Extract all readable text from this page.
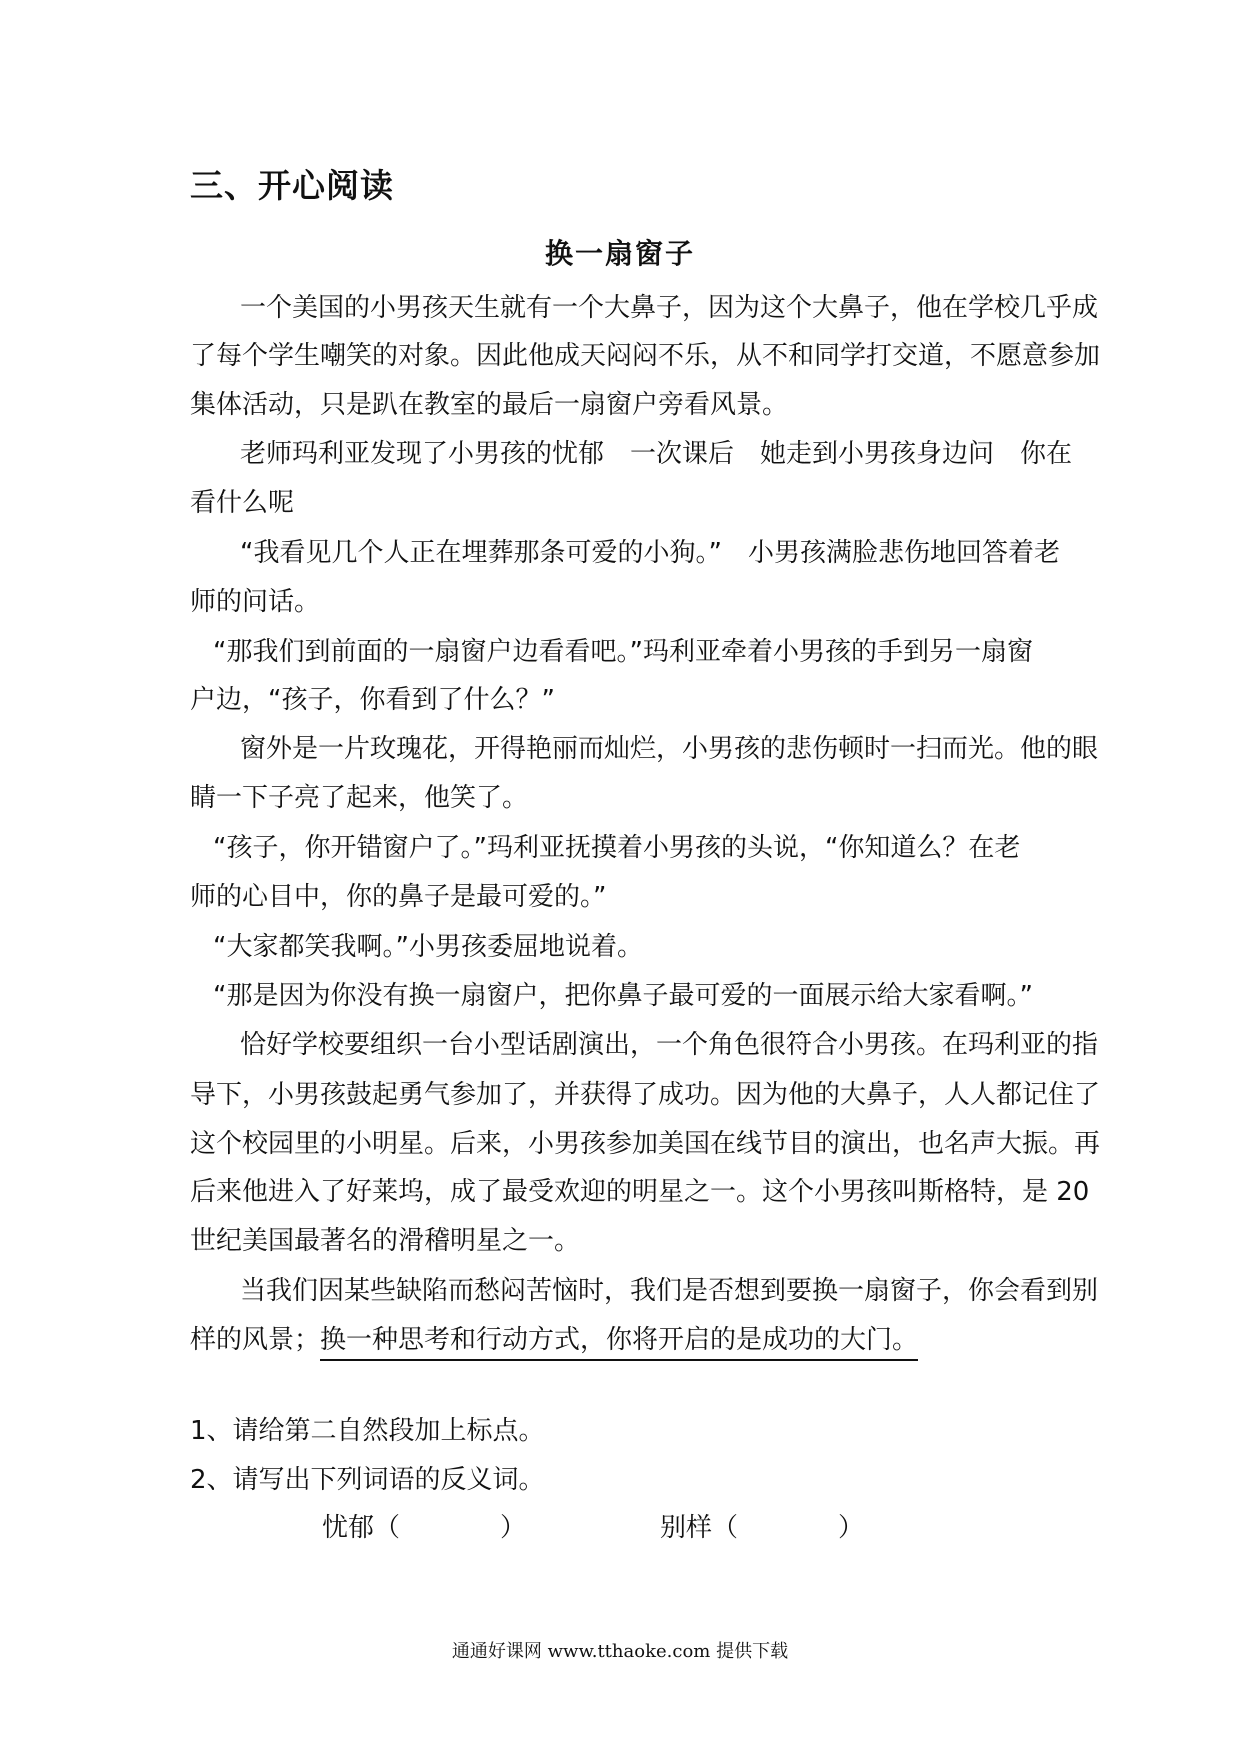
三、开心阅读
换一扇窗子
一个美国的小男孩天生就有一个大鼻子，因为这个大鼻子，他在学校几乎成
了每个学生嘲笑的对象。因此他成天闷闷不乐，从不和同学打交道，不愿意参加
集体活动，只是趴在教室的最后一扇窗户旁看风景。
老师玛利亚发现了小男孩的忧郁　一次课后　她走到小男孩身边问　你在
看什么呢
“我看见几个人正在埋葬那条可爱的小狗。”　小男孩满脸悲伤地回答着老
师的问话。
“那我们到前面的一扇窗户边看看吧。”玛利亚牵着小男孩的手到另一扇窗
户边，“孩子，你看到了什么？”
窗外是一片玫瑰花，开得艳丽而灿烂，小男孩的悲伤顿时一扫而光。他的眼
睛一下子亮了起来，他笑了。
“孩子，你开错窗户了。”玛利亚抚摸着小男孩的头说，“你知道么？在老
师的心目中，你的鼻子是最可爱的。”
“大家都笑我啊。”小男孩委屈地说着。
“那是因为你没有换一扇窗户，把你鼻子最可爱的一面展示给大家看啊。”
恰好学校要组织一台小型话剧演出，一个角色很符合小男孩。在玛利亚的指
导下，小男孩鼓起勇气参加了，并获得了成功。因为他的大鼻子，人人都记住了
这个校园里的小明星。后来，小男孩参加美国在线节目的演出，也名声大振。再
后来他进入了好莱坞，成了最受欢迎的明星之一。这个小男孩叫斯格特，是 20
世纪美国最著名的滑稽明星之一。
当我们因某些缺陷而愁闷苦恼时，我们是否想到要换一扇窗子，你会看到别
样的风景；换一种思考和行动方式，你将开启的是成功的大门。
1、请给第二自然段加上标点。
2、请写出下列词语的反义词。
忧郁（	）	别样（	）
通通好课网 www.tthaoke.com 提供下载
